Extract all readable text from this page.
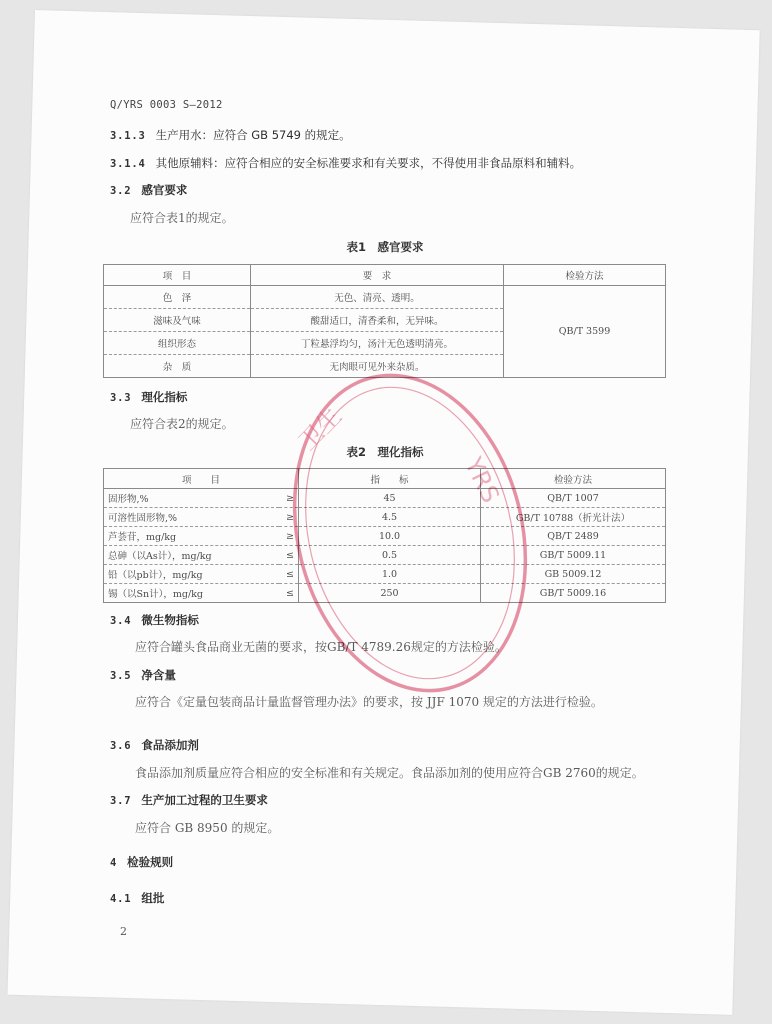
Q/YRS 0003 S—2012
3.1.3 生产用水：应符合 GB 5749 的规定。
3.1.4 其他原辅料：应符合相应的安全标准要求和有关要求，不得使用非食品原料和辅料。
3.2 感官要求
应符合表1的规定。
表1　感官要求
项　目	要　求	检验方法
色　泽	无色、清亮、透明。	QB/T 3599
滋味及气味	酸甜适口，清香柔和，无异味。	
组织形态	丁粒悬浮均匀，汤汁无色透明清亮。	
杂　质	无肉眼可见外来杂质。	
3.3 理化指标
应符合表2的规定。
表2　理化指标
项　　目		指　　标	检验方法
固形物,%	≥	45	QB/T 1007
可溶性固形物,%	≥	4.5	GB/T 10788（折光计法）
芦荟苷，mg/kg	≥	10.0	QB/T 2489
总砷（以As计），mg/kg	≤	0.5	GB/T 5009.11
铅（以pb计），mg/kg	≤	1.0	GB 5009.12
锡（以Sn计），mg/kg	≤	250	GB/T 5009.16
3.4 微生物指标
应符合罐头食品商业无菌的要求，按GB/T 4789.26规定的方法检验。
3.5 净含量
应符合《定量包装商品计量监督管理办法》的要求，按 JJF 1070 规定的方法进行检验。
3.6 食品添加剂
食品添加剂质量应符合相应的安全标准和有关规定。食品添加剂的使用应符合GB 2760的规定。
3.7 生产加工过程的卫生要求
应符合 GB 8950 的规定。
4 检验规则
4.1 组批
2
卫生
YRS
